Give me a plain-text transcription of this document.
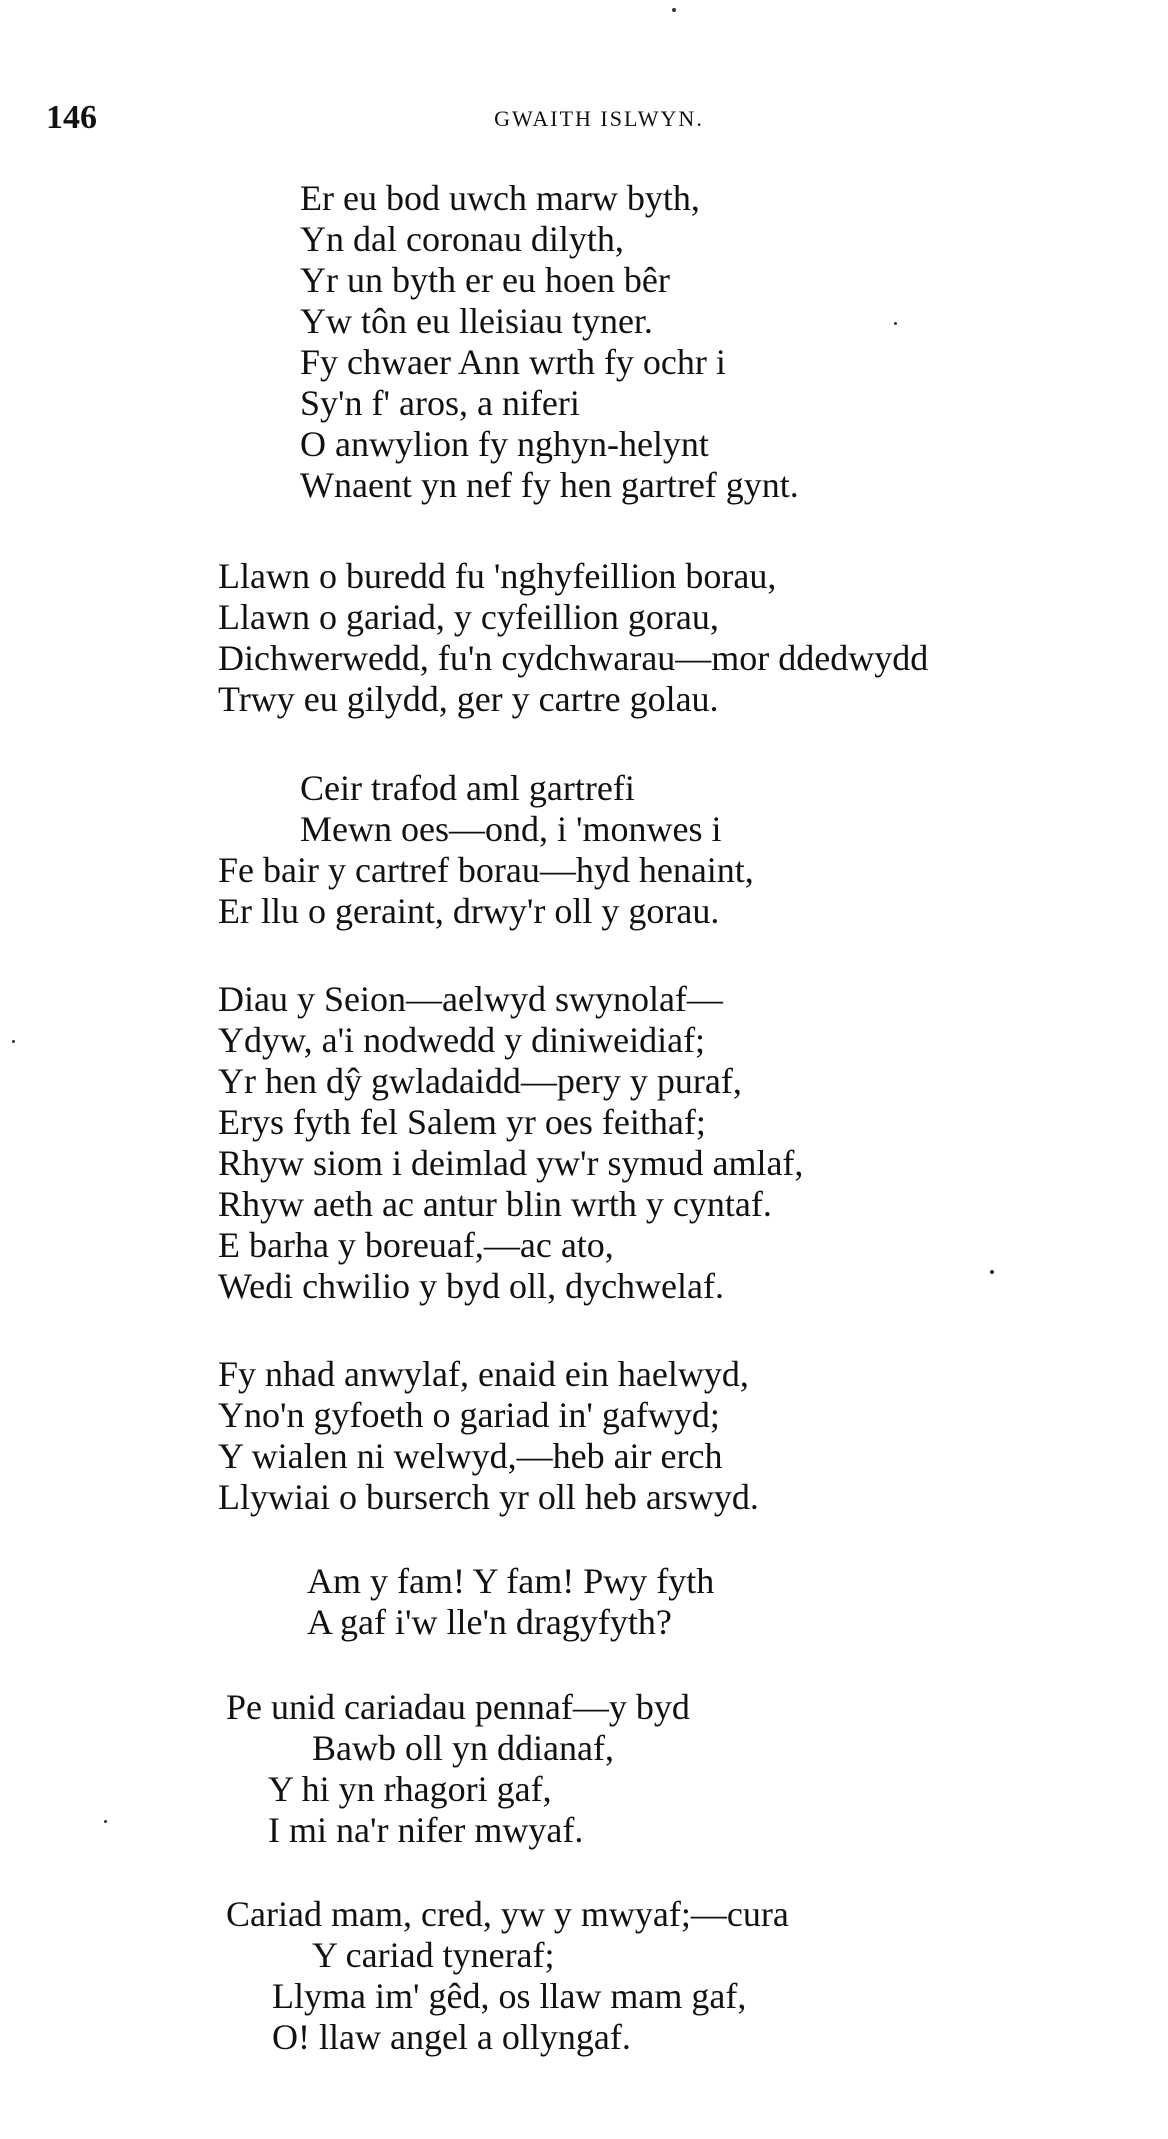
146	GWAITH ISLWYN.
Er eu bod uwch marw byth,
Yn dal coronau dilyth,
Yr un byth er eu hoen bêr
Yw tôn eu lleisiau tyner.
Fy chwaer Ann wrth fy ochr i
Sy'n f' aros, a niferi
O anwylion fy nghyn-helynt
Wnaent yn nef fy hen gartref gynt.
Llawn o buredd fu 'nghyfeillion borau,
Llawn o gariad, y cyfeillion gorau,
Dichwerwedd, fu'n cydchwarau—mor ddedwydd
Trwy eu gilydd, ger y cartre golau.
Ceir trafod aml gartrefi
Mewn oes—ond, i 'monwes i
Fe bair y cartref borau—hyd henaint,
Er llu o geraint, drwy'r oll y gorau.
Diau y Seion—aelwyd swynolaf—
Ydyw, a'i nodwedd y diniweidiaf;
Yr hen dŷ gwladaidd—pery y puraf,
Erys fyth fel Salem yr oes feithaf;
Rhyw siom i deimlad yw'r symud amlaf,
Rhyw aeth ac antur blin wrth y cyntaf.
E barha y boreuaf,—ac ato,
Wedi chwilio y byd oll, dychwelaf.
Fy nhad anwylaf, enaid ein haelwyd,
Yno'n gyfoeth o gariad in' gafwyd;
Y wialen ni welwyd,—heb air erch
Llywiai o burserch yr oll heb arswyd.
Am y fam! Y fam! Pwy fyth
A gaf i'w lle'n dragyfyth?
Pe unid cariadau pennaf—y byd
Bawb oll yn ddianaf,
Y hi yn rhagori gaf,
I mi na'r nifer mwyaf.
Cariad mam, cred, yw y mwyaf;—cura
Y cariad tyneraf;
Llyma im' gêd, os llaw mam gaf,
O! llaw angel a ollyngaf.
